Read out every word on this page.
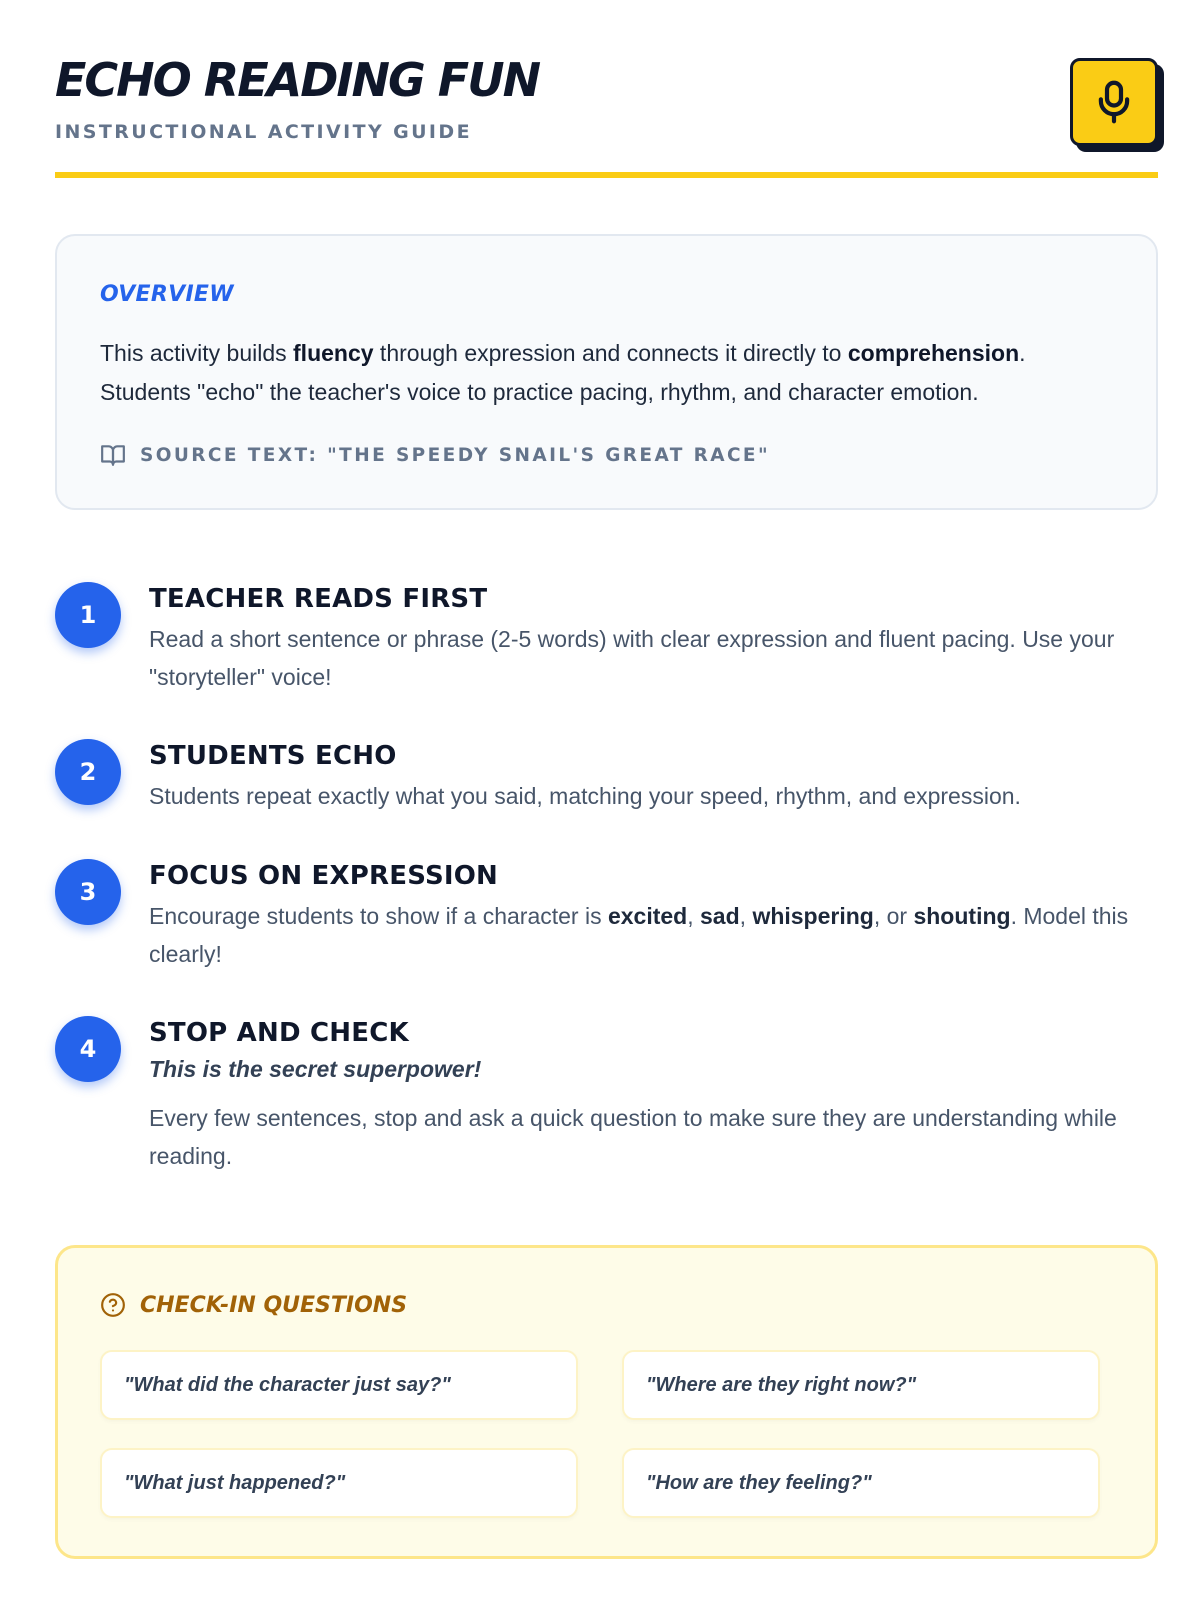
ECHO READING FUN
INSTRUCTIONAL ACTIVITY GUIDE
OVERVIEW
This activity builds fluency through expression and connects it directly to comprehension. Students "echo" the teacher's voice to practice pacing, rhythm, and character emotion.
SOURCE TEXT: "THE SPEEDY SNAIL'S GREAT RACE"
1
TEACHER READS FIRST
Read a short sentence or phrase (2-5 words) with clear expression and fluent pacing. Use your "storyteller" voice!
2
STUDENTS ECHO
Students repeat exactly what you said, matching your speed, rhythm, and expression.
3
FOCUS ON EXPRESSION
Encourage students to show if a character is excited, sad, whispering, or shouting. Model this clearly!
4
STOP AND CHECK
This is the secret superpower!
Every few sentences, stop and ask a quick question to make sure they are understanding while reading.
CHECK-IN QUESTIONS
"What did the character just say?"	"Where are they right now?"
"What just happened?"	"How are they feeling?"
